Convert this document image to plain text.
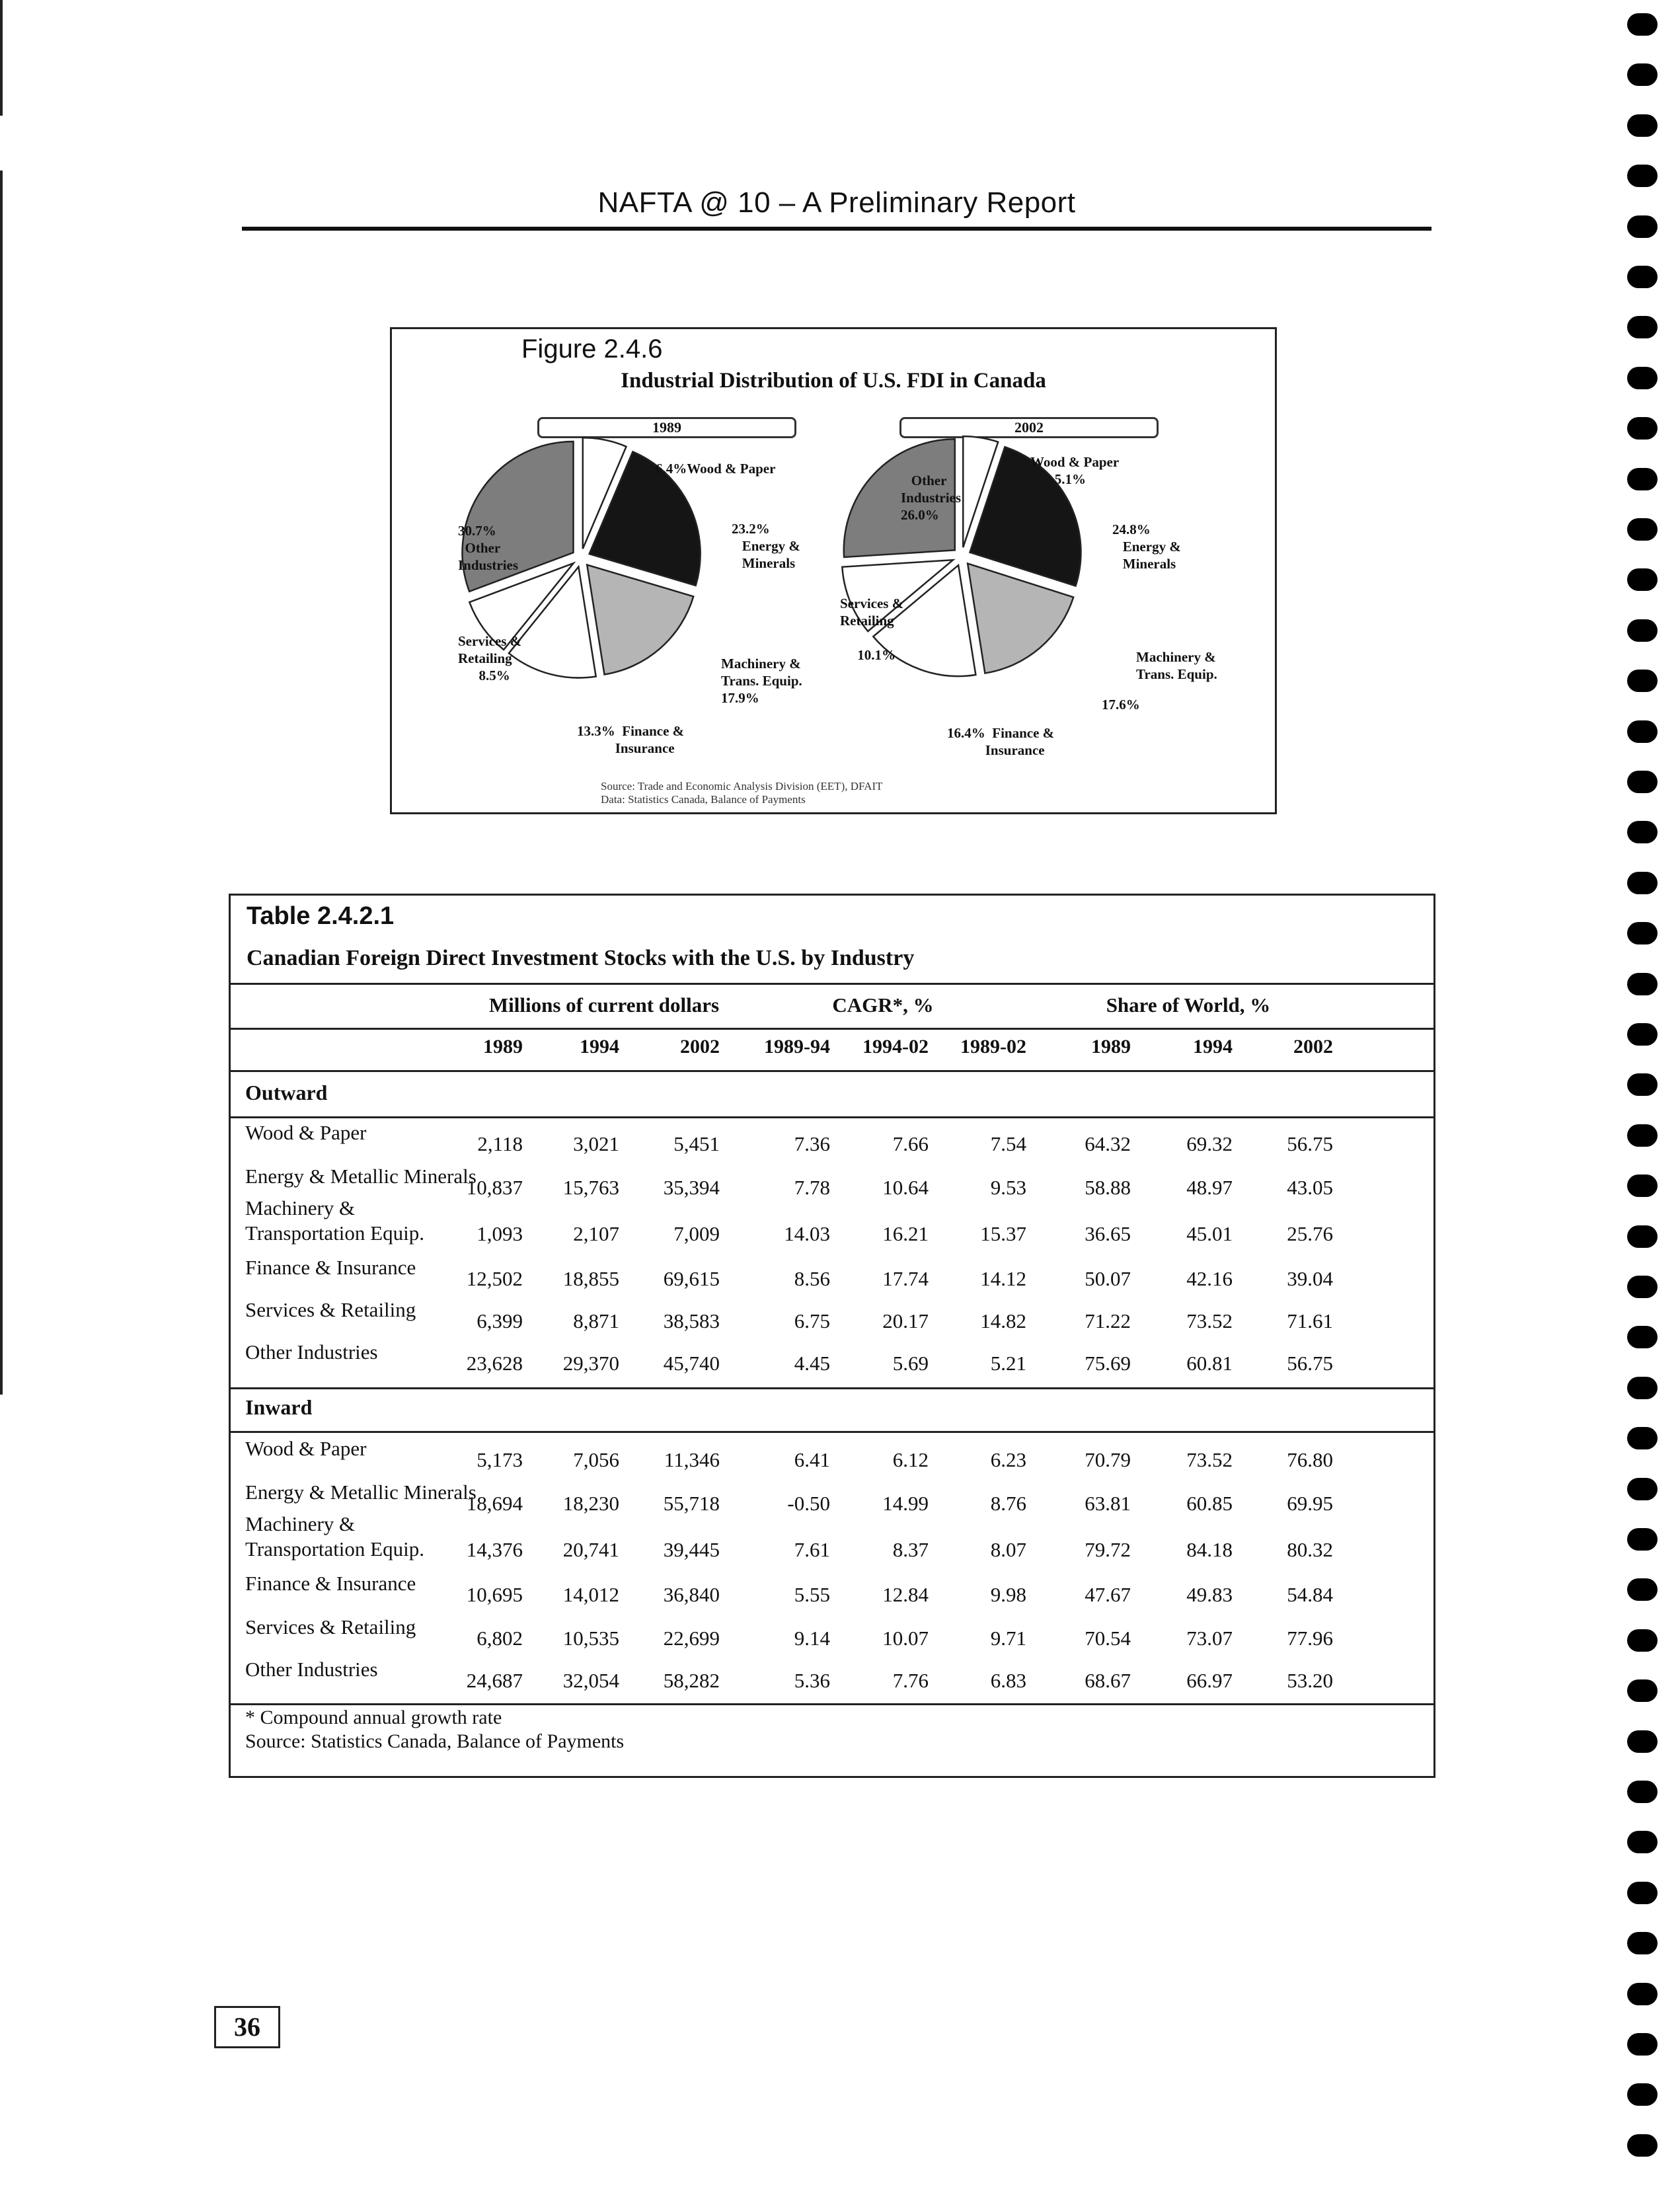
NAFTA @ 10 – A Preliminary Report
Figure 2.4.6
Industrial Distribution of U.S. FDI in Canada
1989	2002
6.4%Wood & Paper
23.2%
Energy &
Minerals
Machinery &
Trans. Equip.
17.9%
13.3%  Finance &
Insurance
Services &
Retailing
8.5%
30.7%
Other
Industries
Wood & Paper
5.1%
24.8%
Energy &
Minerals
Machinery &
Trans. Equip.
17.6%
16.4%  Finance &
Insurance
Services &
Retailing

10.1%
Other
Industries
26.0%
Source: Trade and Economic Analysis Division (EET), DFAIT
Data: Statistics Canada, Balance of Payments
Table 2.4.2.1
Canadian Foreign Direct Investment Stocks with the U.S. by Industry
Millions of current dollars	CAGR*, %	Share of World, %
1989	1994	2002	1989-94	1994-02	1989-02	1989	1994	2002
Outward
Wood & Paper	2,118	3,021	5,451	7.36	7.66	7.54	64.32	69.32	56.75
Energy & Metallic Minerals
10,837	15,763	35,394	7.78	10.64	9.53	58.88	48.97	43.05
Machinery &
Transportation Equip.	1,093	2,107	7,009	14.03	16.21	15.37	36.65	45.01	25.76
Finance & Insurance	12,502	18,855	69,615	8.56	17.74	14.12	50.07	42.16	39.04
Services & Retailing	6,399	8,871	38,583	6.75	20.17	14.82	71.22	73.52	71.61
Other Industries	23,628	29,370	45,740	4.45	5.69	5.21	75.69	60.81	56.75
Inward
Wood & Paper	5,173	7,056	11,346	6.41	6.12	6.23	70.79	73.52	76.80
Energy & Metallic Minerals
18,694	18,230	55,718	-0.50	14.99	8.76	63.81	60.85	69.95
Machinery &
Transportation Equip.	14,376	20,741	39,445	7.61	8.37	8.07	79.72	84.18	80.32
Finance & Insurance	10,695	14,012	36,840	5.55	12.84	9.98	47.67	49.83	54.84
Services & Retailing	6,802	10,535	22,699	9.14	10.07	9.71	70.54	73.07	77.96
Other Industries	24,687	32,054	58,282	5.36	7.76	6.83	68.67	66.97	53.20
* Compound annual growth rate
Source: Statistics Canada, Balance of Payments
36
